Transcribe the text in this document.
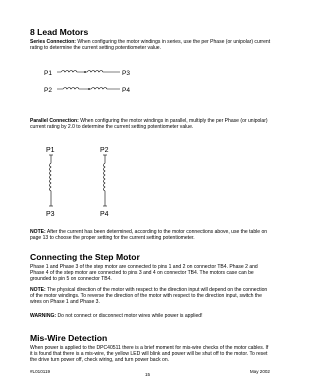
8 Lead Motors

Series Connection: When configuring the motor windings in series, use the per Phase (or unipolar) current rating to determine the current setting potentiometer value.

P1	P3
P2	P4

Parallel Connection: When configuring the motor windings in parallel, multiply the per Phase (or unipolar) current rating by 2.0 to determine the current setting potentiometer value.

P1	P2
P3	P4

NOTE: After the current has been determined, according to the motor connections above, use the table on page 13 to choose the proper setting for the current setting potentiometer.

Connecting the Step Motor

Phase 1 and Phase 3 of the step motor are connected to pins 1 and 2 on connector TB4. Phase 2 and Phase 4 of the step motor are connected to pins 3 and 4 on connector TB4. The motors case can be grounded to pin 5 on connector TB4.

NOTE: The physical direction of the motor with respect to the direction input will depend on the connection of the motor windings. To reverse the direction of the motor with respect to the direction input, switch the wires on Phase 1 and Phase 3.

WARNING: Do not connect or disconnect motor wires while power is applied!

Mis-Wire Detection

When power is applied to the DPC40511 there is a brief moment for mis-wire checks of the motor cables. If it is found that there is a mis-wire, the yellow LED will blink and power will be shut off to the motor. To reset the drive turn power off, check wiring, and turn power back on.

#L010119
15
May 2002
